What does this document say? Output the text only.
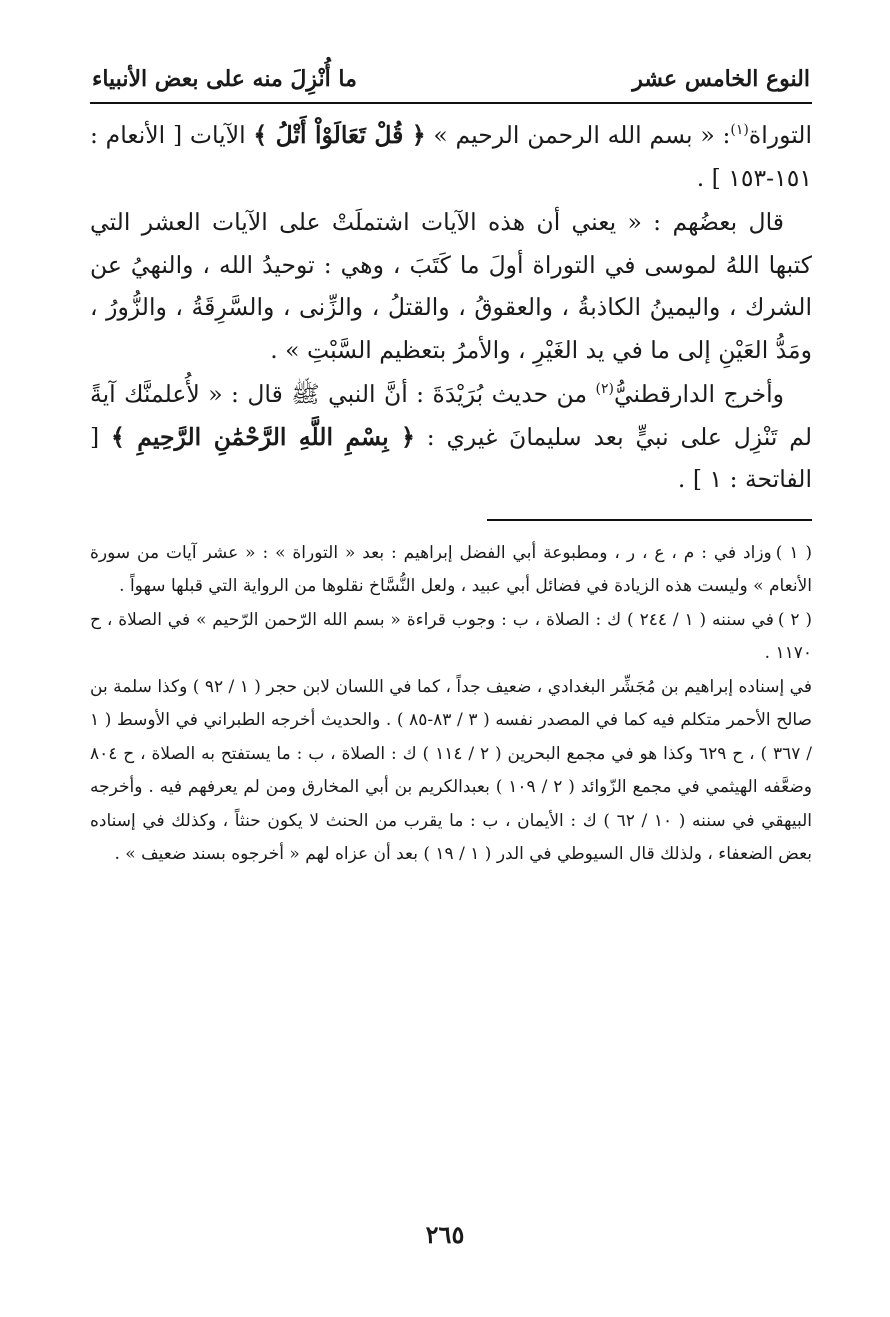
النوع الخامس عشر
ما أُنْزِلَ منه على بعض الأنبياء

التوراة$^{(١)}$: « بسم الله الرحمن الرحيم » ﴿ قُلْ تَعَالَوْاْ أَتْلُ ﴾ الآيات [ الأنعام : ١٥١-١٥٣ ] .

قال بعضُهم : « يعني أن هذه الآيات اشتملَتْ على الآيات العشر التي كتبها اللهُ لموسى في التوراة أولَ ما كَتَبَ ، وهي : توحيدُ الله ، والنهيُ عن الشرك ، واليمينُ الكاذبةُ ، والعقوقُ ، والقتلُ ، والزِّنى ، والسَّرِقَةُ ، والزُّورُ ، ومَدُّ العَيْنِ إلى ما في يد الغَيْرِ ، والأمرُ بتعظيم السَّبْتِ » .

وأخرج الدارقطنيُّ$^{(٢)}$ من حديث بُرَيْدَةَ : أنَّ النبي ﷺ قال : « لأُعلمنَّك آيةً لم تَنْزِل على نبيٍّ بعد سليمانَ غيري : ﴿ بِسْمِ اللَّهِ الرَّحْمَٰنِ الرَّحِيمِ ﴾ [ الفاتحة : ١ ] .

( ١ )وزاد في : م ، ع ، ر ، ومطبوعة أبي الفضل إبراهيم : بعد « التوراة » : « عشر آيات من سورة الأنعام » وليست هذه الزيادة في فضائل أبي عبيد ، ولعل النُّسَّاخ نقلوها من الرواية التي قبلها سهواً .

( ٢ )في سننه ( ١ / ٢٤٤ ) ك : الصلاة ، ب : وجوب قراءة « بسم الله الرّحمن الرّحيم » في الصلاة ، ح ١١٧٠ .

في إسناده إبراهيم بن مُجَشِّر البغدادي ، ضعيف جداً ، كما في اللسان لابن حجر ( ١ / ٩٢ ) وكذا سلمة بن صالح الأحمر متكلم فيه كما في المصدر نفسه ( ٣ / ٨٣-٨٥ ) . والحديث أخرجه الطبراني في الأوسط ( ١ / ٣٦٧ ) ، ح ٦٢٩ وكذا هو في مجمع البحرين ( ٢ / ١١٤ ) ك : الصلاة ، ب : ما يستفتح به الصلاة ، ح ٨٠٤ وضعَّفه الهيثمي في مجمع الزّوائد ( ٢ / ١٠٩ ) بعبدالكريم بن أبي المخارق ومن لم يعرفهم فيه . وأخرجه البيهقي في سننه ( ١٠ / ٦٢ ) ك : الأيمان ، ب : ما يقرب من الحنث لا يكون حنثاً ، وكذلك في إسناده بعض الضعفاء ، ولذلك قال السيوطي في الدر ( ١ / ١٩ ) بعد أن عزاه لهم « أخرجوه بسند ضعيف » .

٢٦٥
